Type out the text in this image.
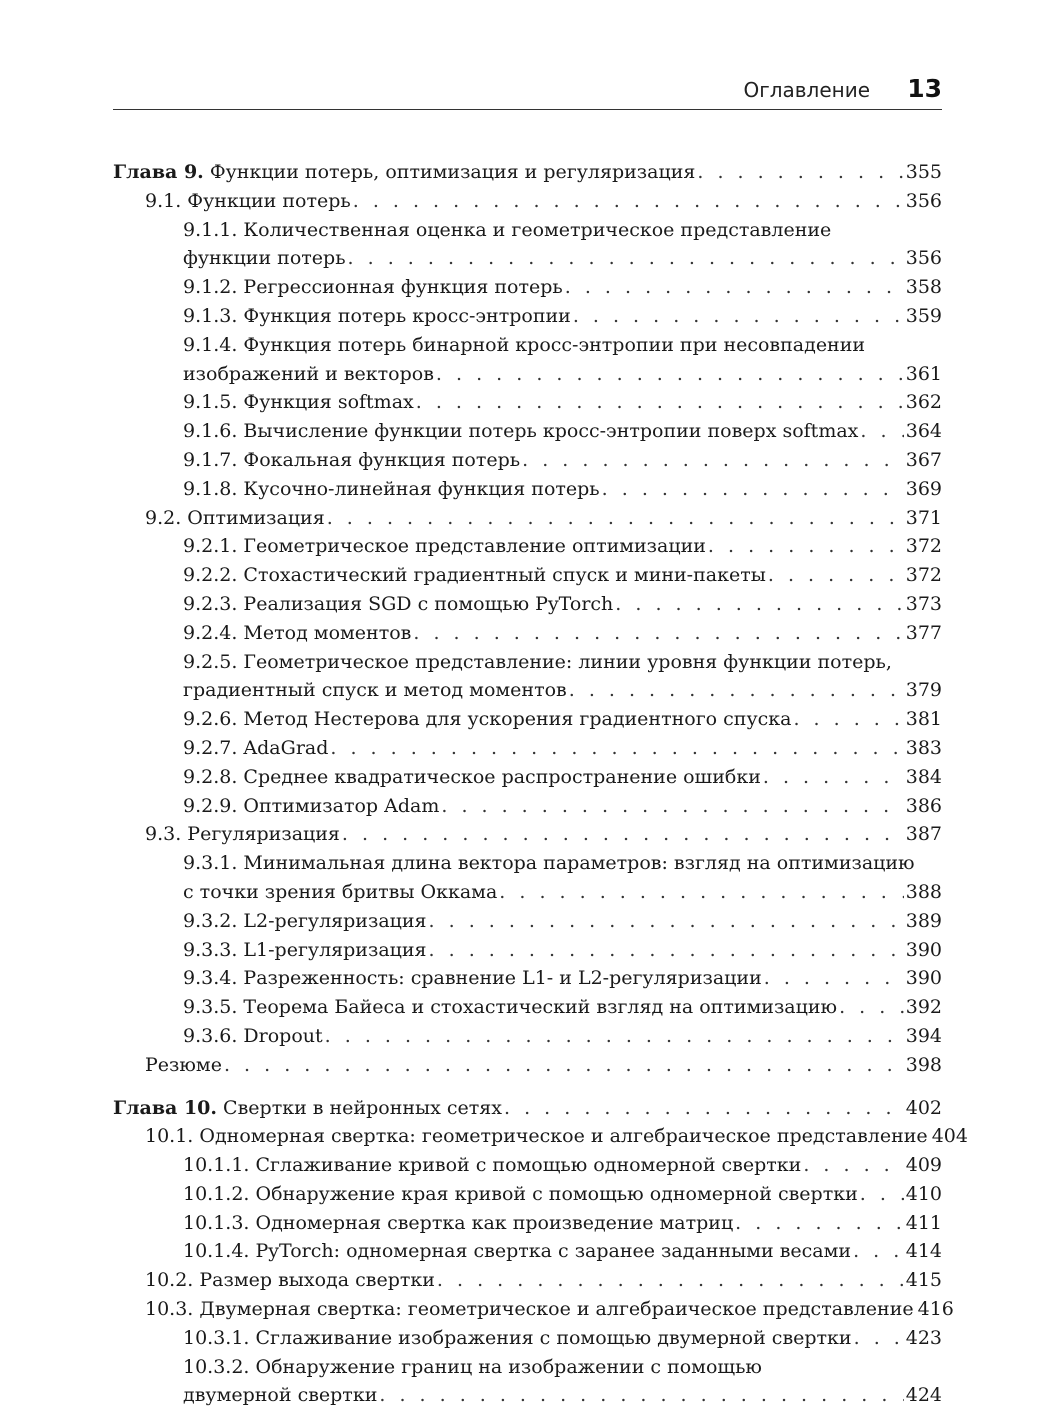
Оглавление 13
Глава 9. Функции потерь, оптимизация и регуляризация . . .	355
9.1. Функции потерь . . .	356
9.1.1. Количественная оценка и геометрическое представление
функции потерь . . .	356
9.1.2. Регрессионная функция потерь . . .	358
9.1.3. Функция потерь кросс-энтропии . . .	359
9.1.4. Функция потерь бинарной кросс-энтропии при несовпадении
изображений и векторов . . .	361
9.1.5. Функция softmax . . .	362
9.1.6. Вычисление функции потерь кросс-энтропии поверх softmax . . . 364
9.1.7. Фокальная функция потерь . . .	367
9.1.8. Кусочно-линейная функция потерь . . .	369
9.2. Оптимизация . . .	371
9.2.1. Геометрическое представление оптимизации . . .	372
9.2.2. Стохастический градиентный спуск и мини-пакеты . . .	372
9.2.3. Реализация SGD с помощью PyTorch . . .	373
9.2.4. Метод моментов . . .	377
9.2.5. Геометрическое представление: линии уровня функции потерь,
градиентный спуск и метод моментов . . .	379
9.2.6. Метод Нестерова для ускорения градиентного спуска . . .	381
9.2.7. AdaGrad . . .	383
9.2.8. Среднее квадратическое распространение ошибки . . .	384
9.2.9. Оптимизатор Adam . . .	386
9.3. Регуляризация . . .	387
9.3.1. Минимальная длина вектора параметров: взгляд на оптимизацию
с точки зрения бритвы Оккама . . .	388
9.3.2. L2-регуляризация . . .	389
9.3.3. L1-регуляризация . . .	390
9.3.4. Разреженность: сравнение L1- и L2-регуляризации . . .	390
9.3.5. Теорема Байеса и стохастический взгляд на оптимизацию . . .	392
9.3.6. Dropout . . .	394
Резюме . . .	398
Глава 10. Свертки в нейронных сетях . . .	402
10.1. Одномерная свертка: геометрическое и алгебраическое представление 404
10.1.1. Сглаживание кривой с помощью одномерной свертки . . .	409
10.1.2. Обнаружение края кривой с помощью одномерной свертки . . .	410
10.1.3. Одномерная свертка как произведение матриц . . .	411
10.1.4. PyTorch: одномерная свертка с заранее заданными весами . . .	414
10.2. Размер выхода свертки . . .	415
10.3. Двумерная свертка: геометрическое и алгебраическое представление 416
10.3.1. Сглаживание изображения с помощью двумерной свертки . . .	423
10.3.2. Обнаружение границ на изображении с помощью
двумерной свертки . . .	424
